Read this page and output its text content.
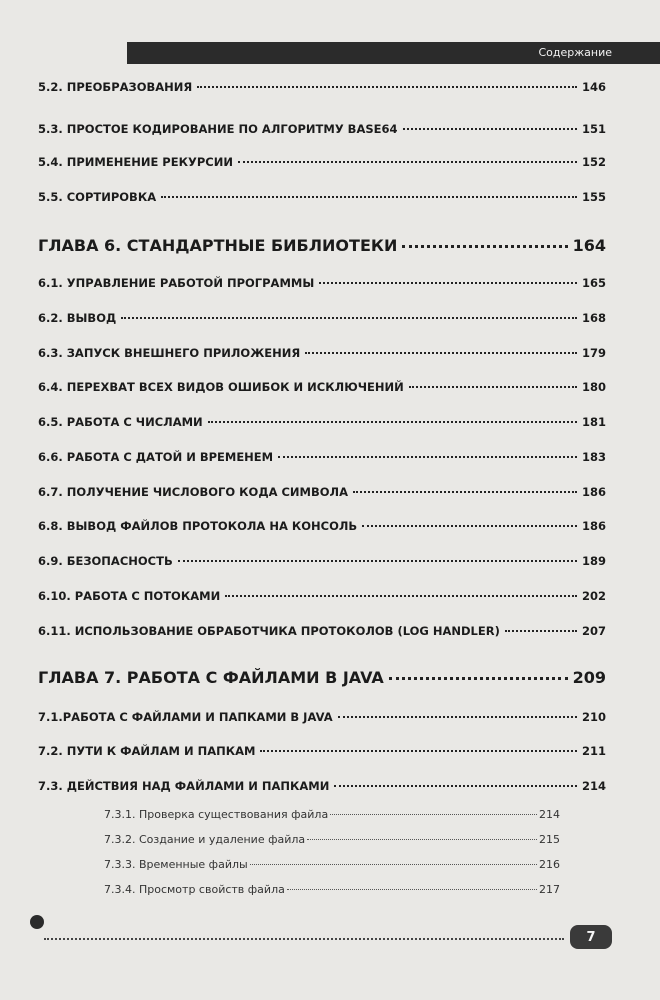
Содержание
5.2. ПРЕОБРАЗОВАНИЯ	146
5.3. ПРОСТОЕ КОДИРОВАНИЕ ПО АЛГОРИТМУ BASE64	151
5.4. ПРИМЕНЕНИЕ РЕКУРСИИ	152
5.5. СОРТИРОВКА	155
ГЛАВА 6. СТАНДАРТНЫЕ БИБЛИОТЕКИ	164
6.1. УПРАВЛЕНИЕ РАБОТОЙ ПРОГРАММЫ	165
6.2. ВЫВОД	168
6.3. ЗАПУСК ВНЕШНЕГО ПРИЛОЖЕНИЯ	179
6.4. ПЕРЕХВАТ ВСЕХ ВИДОВ ОШИБОК И ИСКЛЮЧЕНИЙ	180
6.5. РАБОТА С ЧИСЛАМИ	181
6.6. РАБОТА С ДАТОЙ И ВРЕМЕНЕМ	183
6.7. ПОЛУЧЕНИЕ ЧИСЛОВОГО КОДА СИМВОЛА	186
6.8. ВЫВОД ФАЙЛОВ ПРОТОКОЛА НА КОНСОЛЬ	186
6.9. БЕЗОПАСНОСТЬ	189
6.10. РАБОТА С ПОТОКАМИ	202
6.11. ИСПОЛЬЗОВАНИЕ ОБРАБОТЧИКА ПРОТОКОЛОВ (LOG HANDLER)	207
ГЛАВА 7. РАБОТА С ФАЙЛАМИ В JAVA	209
7.1.РАБОТА С ФАЙЛАМИ И ПАПКАМИ В JAVA	210
7.2. ПУТИ К ФАЙЛАМ И ПАПКАМ	211
7.3. ДЕЙСТВИЯ НАД ФАЙЛАМИ И ПАПКАМИ	214
7.3.1. Проверка существования файла	214
7.3.2. Создание и удаление файла	215
7.3.3. Временные файлы	216
7.3.4. Просмотр свойств файла	217
7
